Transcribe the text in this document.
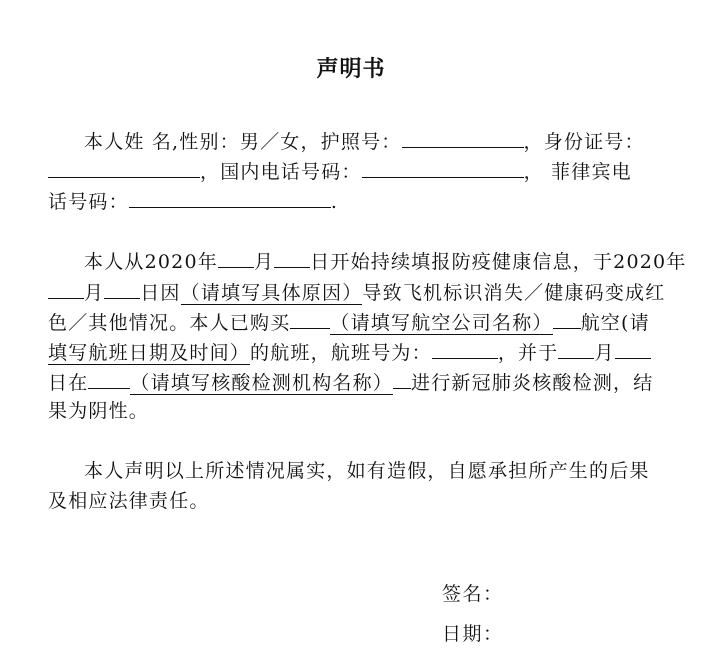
声明书
本人姓 名,性别：男／女，护照号：	，身份证号：
，国内电话号码：	， 菲律宾电
话号码：	.
本人从2020年 月 日开始持续填报防疫健康信息，于2020年
月 日因（请填写具体原因）导致飞机标识消失／健康码变成红
色／其他情况。本人已购买 （请填写航空公司名称） 航空(请
填写航班日期及时间）的航班，航班号为：	，并于 月
日在 （请填写核酸检测机构名称） 进行新冠肺炎核酸检测，结
果为阴性。
本人声明以上所述情况属实，如有造假，自愿承担所产生的后果
及相应法律责任。
签名：
日期：
